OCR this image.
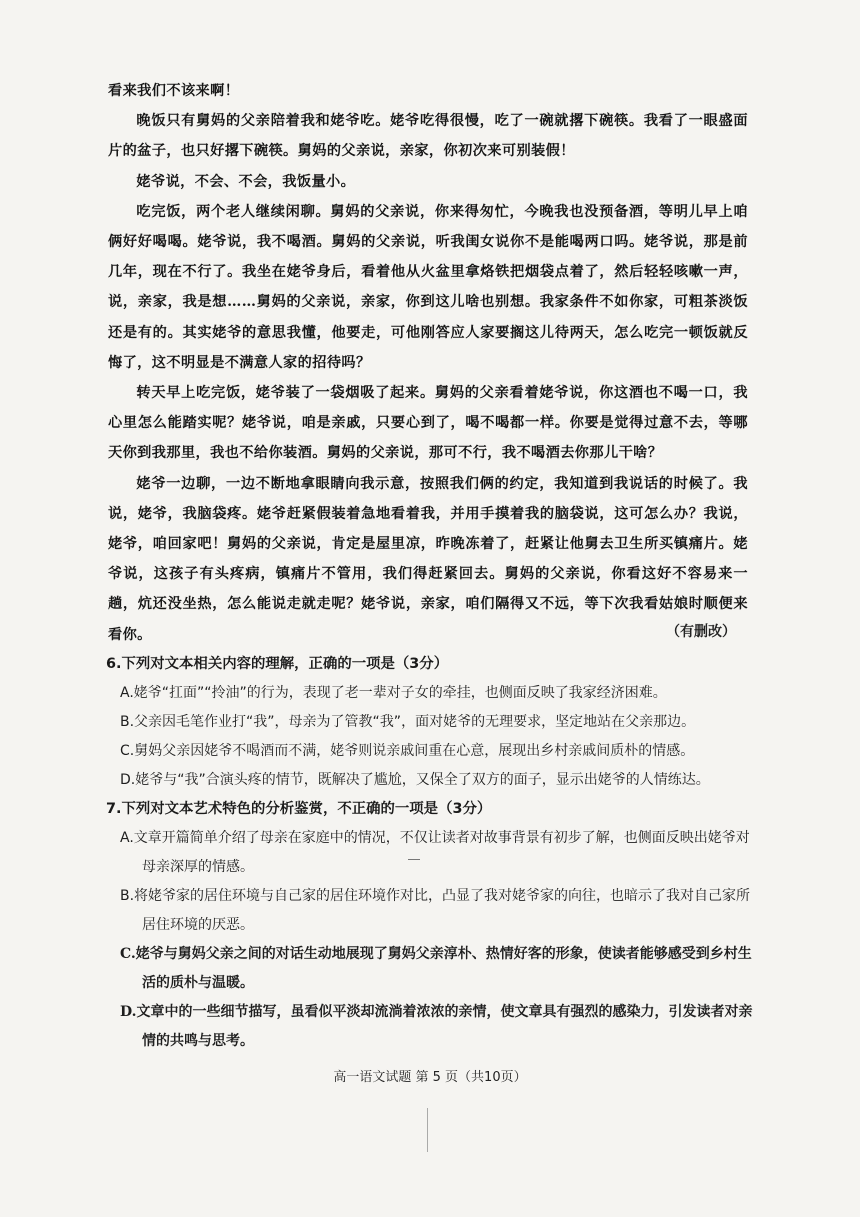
看来我们不该来啊！

晚饭只有舅妈的父亲陪着我和姥爷吃。姥爷吃得很慢，吃了一碗就撂下碗筷。我看了一眼盛面片的盆子，也只好撂下碗筷。舅妈的父亲说，亲家，你初次来可别装假！

姥爷说，不会、不会，我饭量小。

吃完饭，两个老人继续闲聊。舅妈的父亲说，你来得匆忙，今晚我也没预备酒，等明儿早上咱俩好好喝喝。姥爷说，我不喝酒。舅妈的父亲说，听我闺女说你不是能喝两口吗。姥爷说，那是前几年，现在不行了。我坐在姥爷身后，看着他从火盆里拿烙铁把烟袋点着了，然后轻轻咳嗽一声，说，亲家，我是想……舅妈的父亲说，亲家，你到这儿啥也别想。我家条件不如你家，可粗茶淡饭还是有的。其实姥爷的意思我懂，他要走，可他刚答应人家要搁这儿待两天，怎么吃完一顿饭就反悔了，这不明显是不满意人家的招待吗？

转天早上吃完饭，姥爷装了一袋烟吸了起来。舅妈的父亲看着姥爷说，你这酒也不喝一口，我心里怎么能踏实呢？姥爷说，咱是亲戚，只要心到了，喝不喝都一样。你要是觉得过意不去，等哪天你到我那里，我也不给你装酒。舅妈的父亲说，那可不行，我不喝酒去你那儿干啥？

姥爷一边聊，一边不断地拿眼睛向我示意，按照我们俩的约定，我知道到我说话的时候了。我说，姥爷，我脑袋疼。姥爷赶紧假装着急地看着我，并用手摸着我的脑袋说，这可怎么办？我说，姥爷，咱回家吧！舅妈的父亲说，肯定是屋里凉，昨晚冻着了，赶紧让他舅去卫生所买镇痛片。姥爷说，这孩子有头疼病，镇痛片不管用，我们得赶紧回去。舅妈的父亲说，你看这好不容易来一趟，炕还没坐热，怎么能说走就走呢？姥爷说，亲家，咱们隔得又不远，等下次我看姑娘时顺便来看你。	（有删改）

6.下列对文本相关内容的理解，正确的一项是（3分）

A.姥爷“扛面”“拎油”的行为，表现了老一辈对子女的牵挂，也侧面反映了我家经济困难。

B.父亲因毛笔作业打“我”，母亲为了管教“我”，面对姥爷的无理要求，坚定地站在父亲那边。

C.舅妈父亲因姥爷不喝酒而不满，姥爷则说亲戚间重在心意，展现出乡村亲戚间质朴的情感。

D.姥爷与“我”合演头疼的情节，既解决了尴尬，又保全了双方的面子，显示出姥爷的人情练达。

7.下列对文本艺术特色的分析鉴赏，不正确的一项是（3分）

A.文章开篇简单介绍了母亲在家庭中的情况，不仅让读者对故事背景有初步了解，也侧面反映出姥爷对母亲深厚的情感。

B.将姥爷家的居住环境与自己家的居住环境作对比，凸显了我对姥爷家的向往，也暗示了我对自己家所居住环境的厌恶。

C.姥爷与舅妈父亲之间的对话生动地展现了舅妈父亲淳朴、热情好客的形象，使读者能够感受到乡村生活的质朴与温暖。

D.文章中的一些细节描写，虽看似平淡却流淌着浓浓的亲情，使文章具有强烈的感染力，引发读者对亲情的共鸣与思考。

高一语文试题 第 5 页（共10页）
